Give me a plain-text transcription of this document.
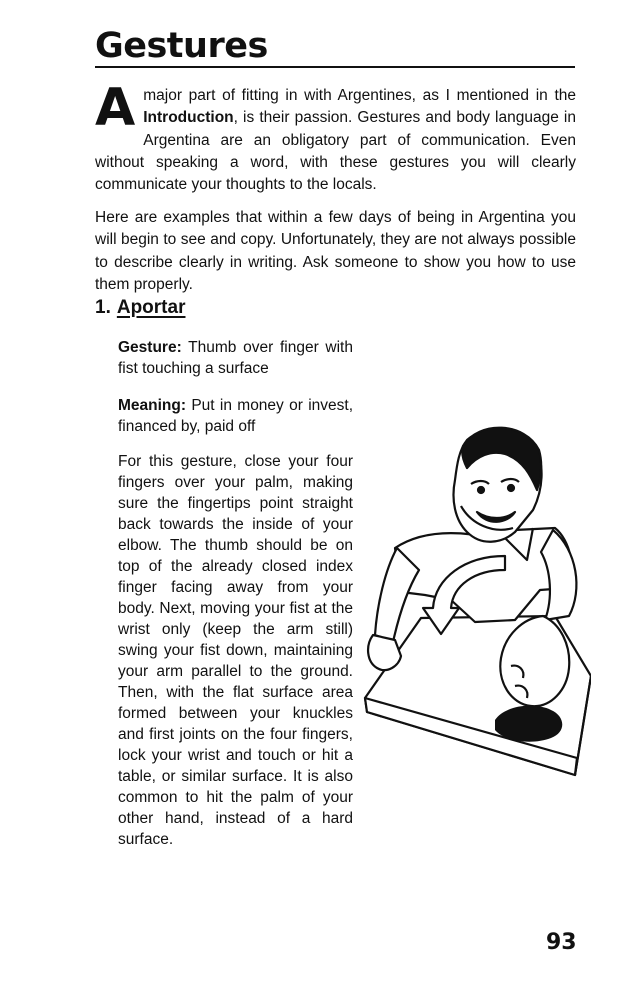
Gestures

A major part of fitting in with Argentines, as I mentioned in the Introduction, is their passion. Gestures and body language in Argentina are an obligatory part of communication. Even without speaking a word, with these gestures you will clearly communicate your thoughts to the locals.

Here are examples that within a few days of being in Argentina you will begin to see and copy. Unfortunately, they are not always possible to describe clearly in writing. Ask someone to show you how to use them properly.

1. Aportar

Gesture: Thumb over finger with fist touching a surface

Meaning: Put in money or invest, financed by, paid off

For this gesture, close your four fingers over your palm, making sure the fingertips point straight back towards the inside of your elbow. The thumb should be on top of the already closed index finger facing away from your body. Next, moving your fist at the wrist only (keep the arm still) swing your fist down, maintaining your arm parallel to the ground. Then, with the flat surface area formed between your knuckles and first joints on the four fingers, lock your wrist and touch or hit a table, or similar surface. It is also common to hit the palm of your other hand, instead of a hard surface.

93
